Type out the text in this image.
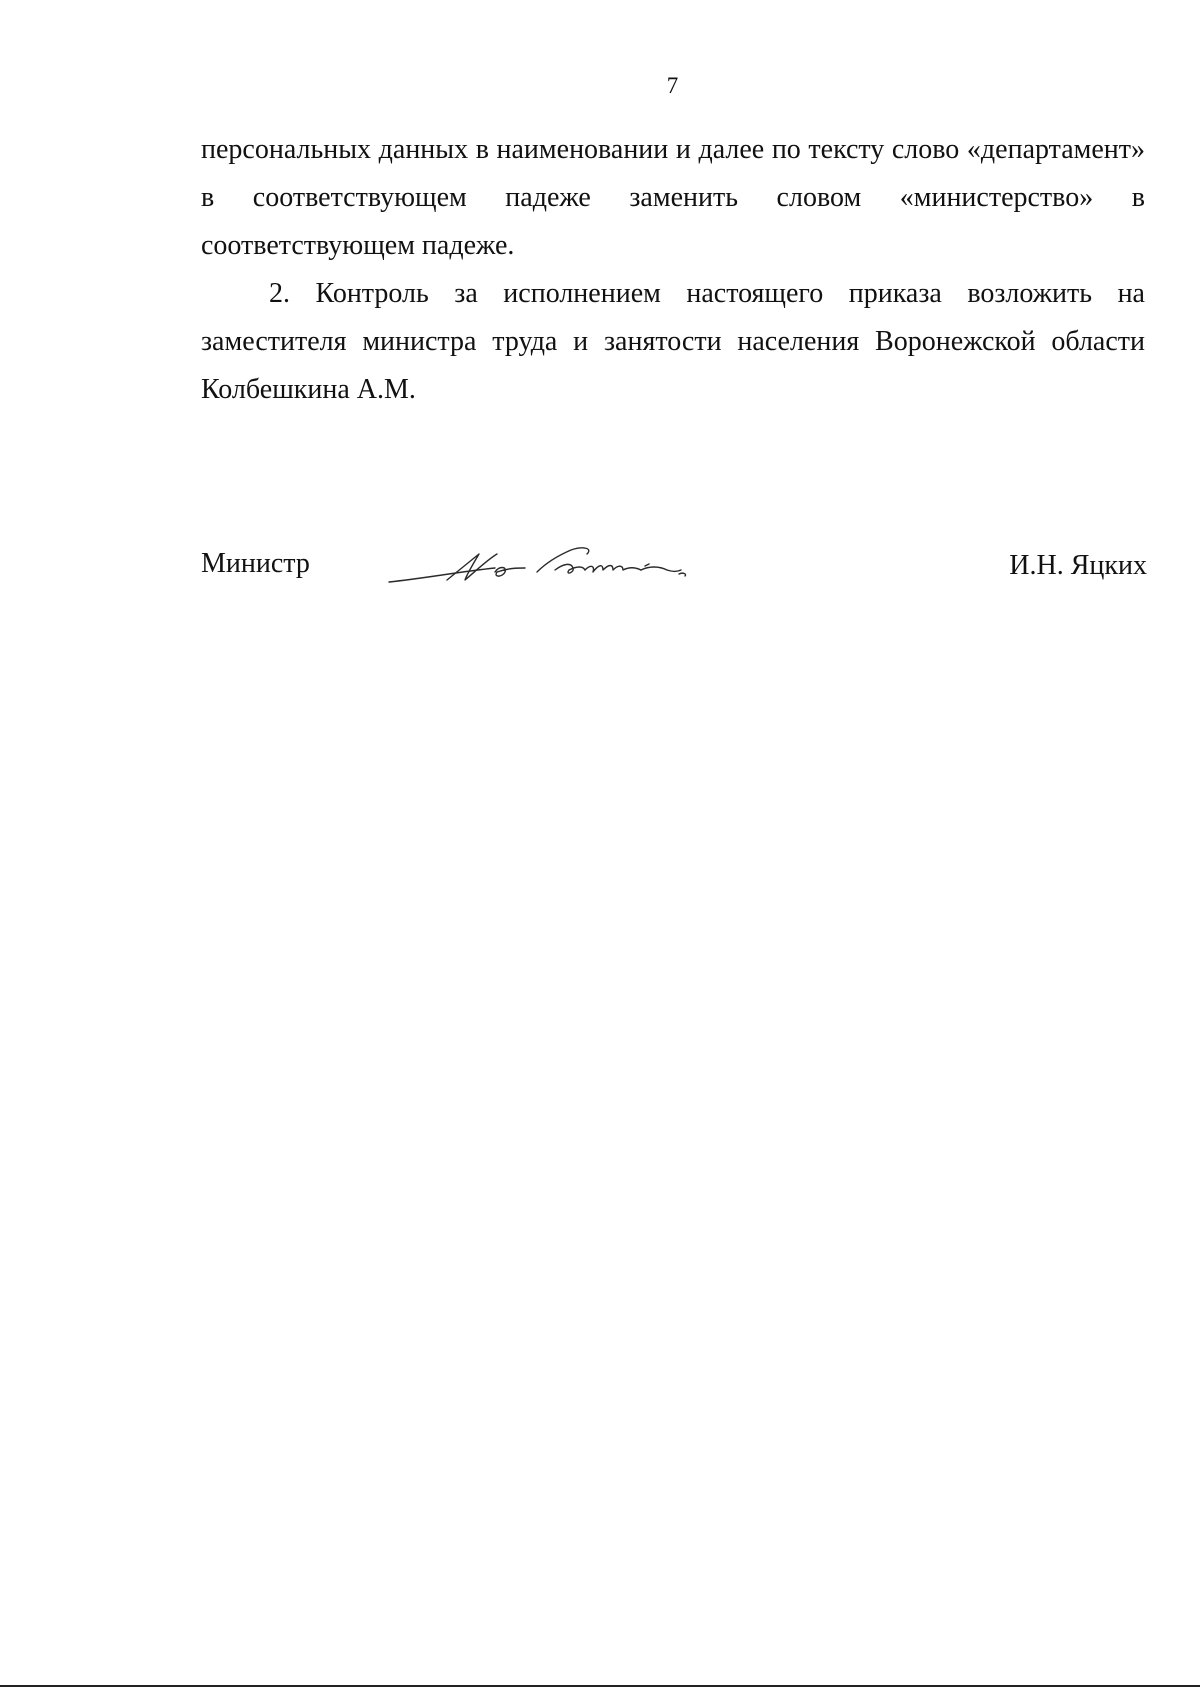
7

персональных данных в наименовании и далее по тексту слово «департамент» в соответствующем падеже заменить словом «министерство» в соответствующем падеже.

2. Контроль за исполнением настоящего приказа возложить на заместителя министра труда и занятости населения Воронежской области Колбешкина А.М.

Министр	И.Н. Яцких
